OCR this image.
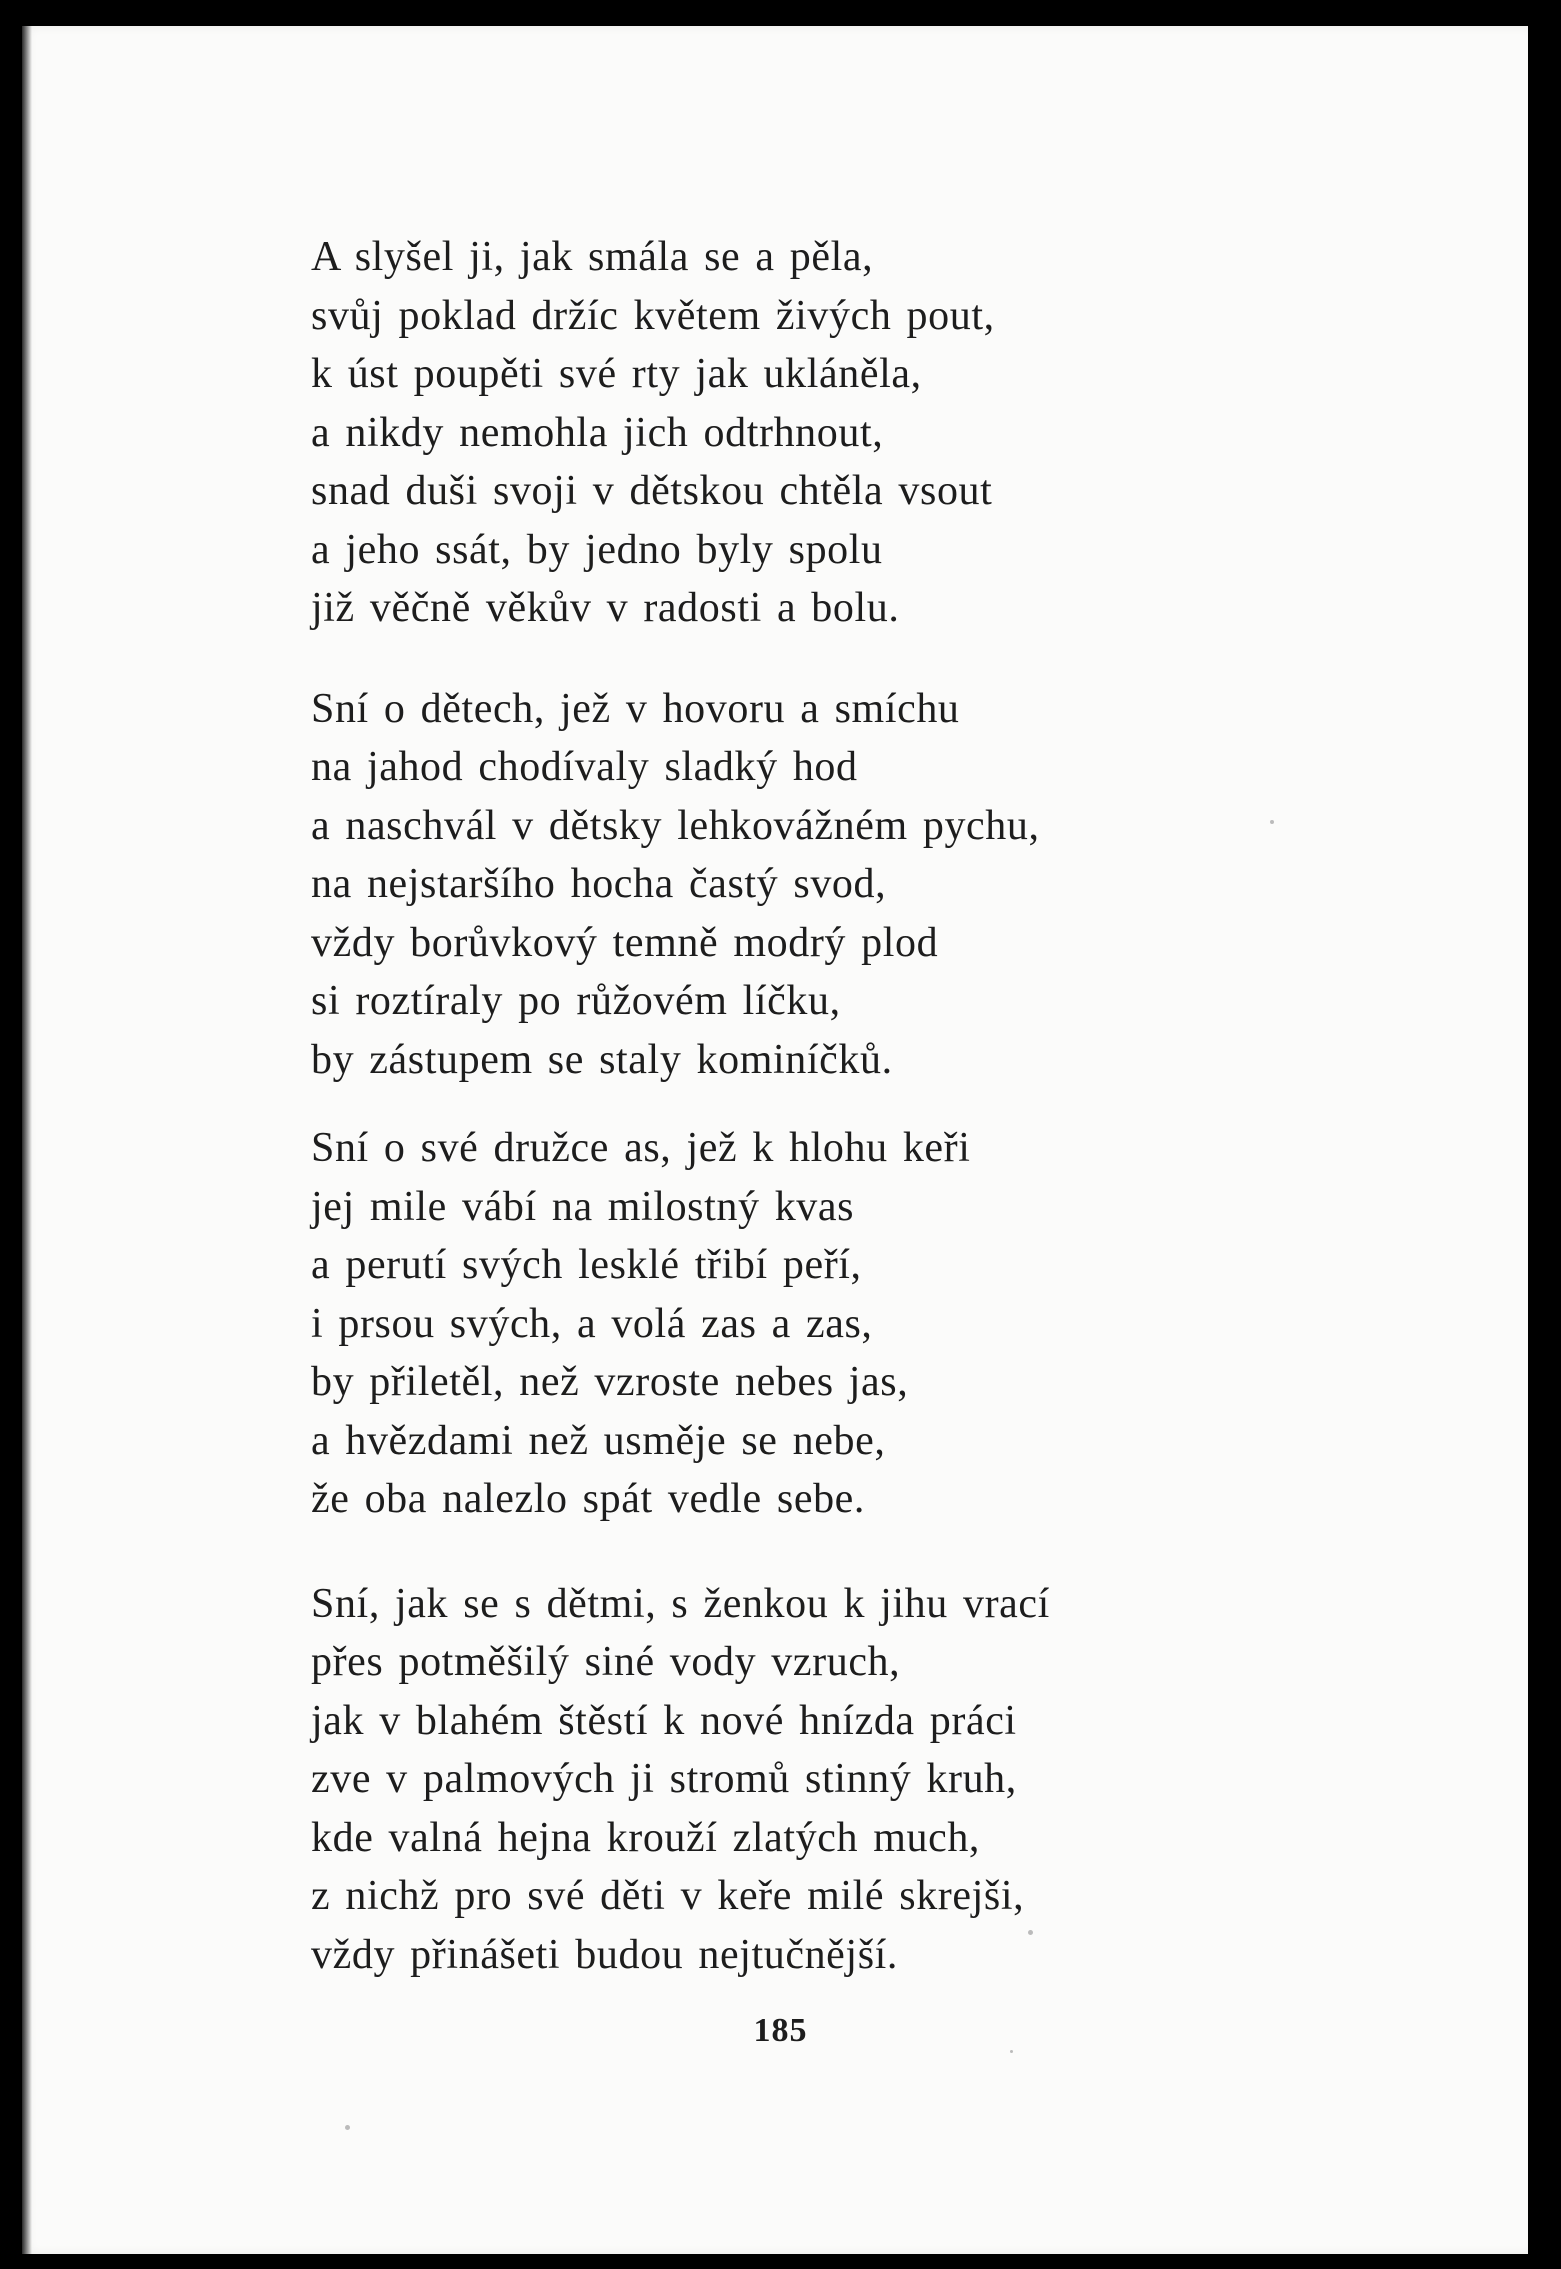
A slyšel ji, jak smála se a pěla,
svůj poklad držíc květem živých pout,
k úst poupěti své rty jak ukláněla,
a nikdy nemohla jich odtrhnout,
snad duši svoji v dětskou chtěla vsout
a jeho ssát, by jedno byly spolu
již věčně věkův v radosti a bolu.
Sní o dětech, jež v hovoru a smíchu
na jahod chodívaly sladký hod
a naschvál v dětsky lehkovážném pychu,
na nejstaršího hocha častý svod,
vždy borůvkový temně modrý plod
si roztíraly po růžovém líčku,
by zástupem se staly kominíčků.
Sní o své družce as, jež k hlohu keři
jej mile vábí na milostný kvas
a perutí svých lesklé třibí peří,
i prsou svých, a volá zas a zas,
by přiletěl, než vzroste nebes jas,
a hvězdami než usměje se nebe,
že oba nalezlo spát vedle sebe.
Sní, jak se s dětmi, s ženkou k jihu vrací
přes potměšilý siné vody vzruch,
jak v blahém štěstí k nové hnízda práci
zve v palmových ji stromů stinný kruh,
kde valná hejna krouží zlatých much,
z nichž pro své děti v keře milé skrejši,
vždy přinášeti budou nejtučnější.
185
